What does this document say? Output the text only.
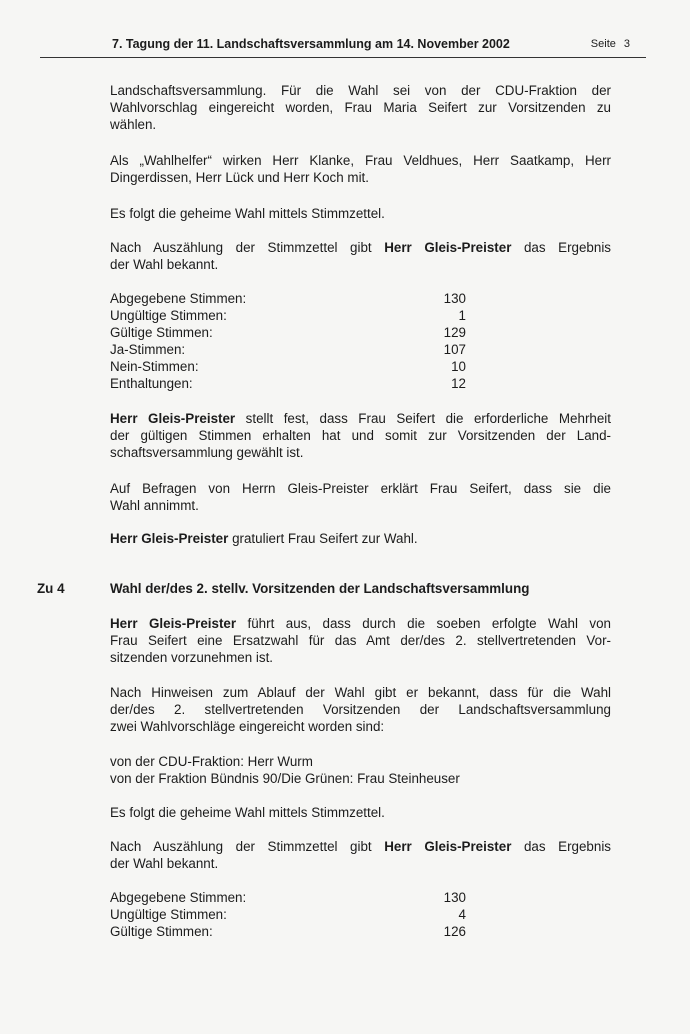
7. Tagung der 11. Landschaftsversammlung am 14. November 2002	Seite 3
Landschaftsversammlung. Für die Wahl sei von der CDU-Fraktion der
Wahlvorschlag eingereicht worden, Frau Maria Seifert zur Vorsitzenden zu
wählen.
Als „Wahlhelfer“ wirken Herr Klanke, Frau Veldhues, Herr Saatkamp, Herr
Dingerdissen, Herr Lück und Herr Koch mit.
Es folgt die geheime Wahl mittels Stimmzettel.
Nach Auszählung der Stimmzettel gibt Herr Gleis-Preister das Ergebnis
der Wahl bekannt.
Abgegebene Stimmen:	130
Ungültige Stimmen:	1
Gültige Stimmen:	129
Ja-Stimmen:	107
Nein-Stimmen:	10
Enthaltungen:	12
Herr Gleis-Preister stellt fest, dass Frau Seifert die erforderliche Mehrheit
der gültigen Stimmen erhalten hat und somit zur Vorsitzenden der Land-
schaftsversammlung gewählt ist.
Auf Befragen von Herrn Gleis-Preister erklärt Frau Seifert, dass sie die
Wahl annimmt.
Herr Gleis-Preister gratuliert Frau Seifert zur Wahl.
Zu 4	Wahl der/des 2. stellv. Vorsitzenden der Landschaftsversammlung
Herr Gleis-Preister führt aus, dass durch die soeben erfolgte Wahl von
Frau Seifert eine Ersatzwahl für das Amt der/des 2. stellvertretenden Vor-
sitzenden vorzunehmen ist.
Nach Hinweisen zum Ablauf der Wahl gibt er bekannt, dass für die Wahl
der/des 2. stellvertretenden Vorsitzenden der Landschaftsversammlung
zwei Wahlvorschläge eingereicht worden sind:
von der CDU-Fraktion: Herr Wurm
von der Fraktion Bündnis 90/Die Grünen: Frau Steinheuser
Es folgt die geheime Wahl mittels Stimmzettel.
Nach Auszählung der Stimmzettel gibt Herr Gleis-Preister das Ergebnis
der Wahl bekannt.
Abgegebene Stimmen:	130
Ungültige Stimmen:	4
Gültige Stimmen:	126
